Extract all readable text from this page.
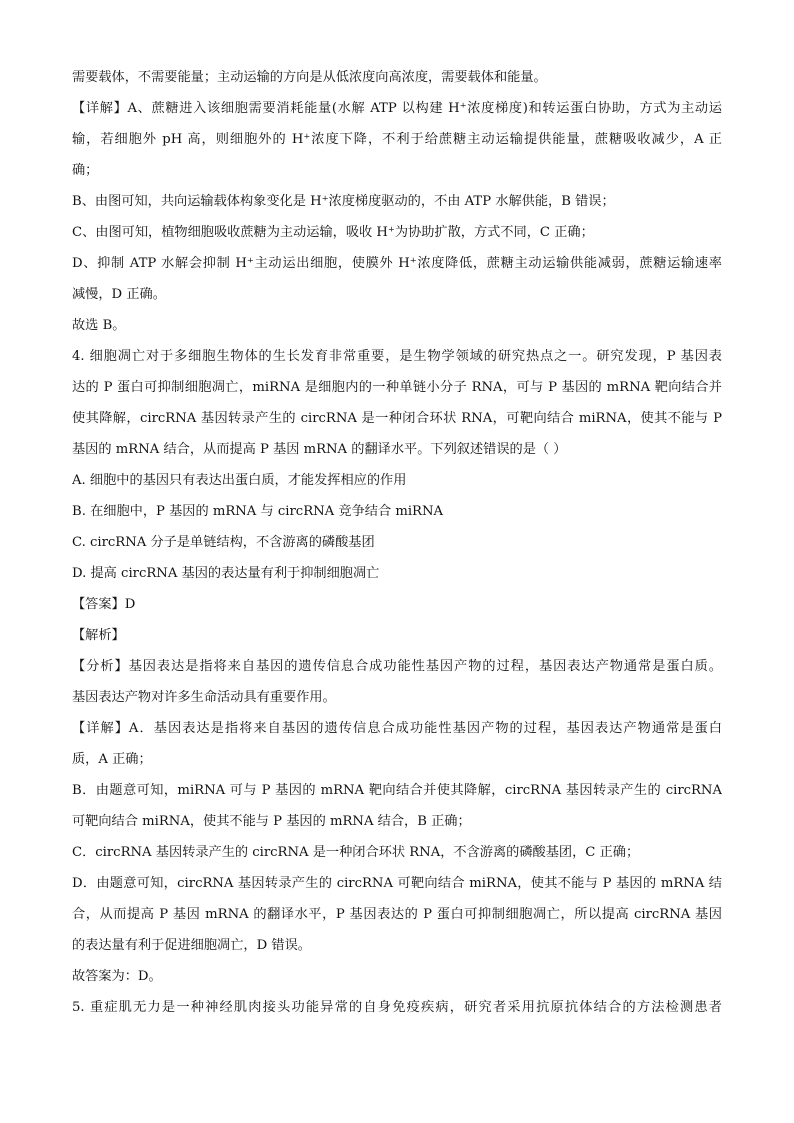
需要载体，不需要能量；主动运输的方向是从低浓度向高浓度，需要载体和能量。
【详解】A、蔗糖进入该细胞需要消耗能量(水解 ATP 以构建 H⁺浓度梯度)和转运蛋白协助，方式为主动运
输，若细胞外 pH 高，则细胞外的 H⁺浓度下降，不利于给蔗糖主动运输提供能量，蔗糖吸收减少，A 正
确；
B、由图可知，共向运输载体构象变化是 H⁺浓度梯度驱动的，不由 ATP 水解供能，B 错误；
C、由图可知，植物细胞吸收蔗糖为主动运输，吸收 H⁺为协助扩散，方式不同，C 正确；
D、抑制 ATP 水解会抑制 H⁺主动运出细胞，使膜外 H⁺浓度降低，蔗糖主动运输供能减弱，蔗糖运输速率
减慢，D 正确。
故选 B。
4. 细胞凋亡对于多细胞生物体的生长发育非常重要，是生物学领域的研究热点之一。研究发现，P 基因表
达的 P 蛋白可抑制细胞凋亡，miRNA 是细胞内的一种单链小分子 RNA，可与 P 基因的 mRNA 靶向结合并
使其降解，circRNA 基因转录产生的 circRNA 是一种闭合环状 RNA，可靶向结合 miRNA，使其不能与 P
基因的 mRNA 结合，从而提高 P 基因 mRNA 的翻译水平。下列叙述错误的是（ ）
A. 细胞中的基因只有表达出蛋白质，才能发挥相应的作用
B. 在细胞中，P 基因的 mRNA 与 circRNA 竞争结合 miRNA
C. circRNA 分子是单链结构，不含游离的磷酸基团
D. 提高 circRNA 基因的表达量有利于抑制细胞凋亡
【答案】D
【解析】
【分析】基因表达是指将来自基因的遗传信息合成功能性基因产物的过程，基因表达产物通常是蛋白质。
基因表达产物对许多生命活动具有重要作用。
【详解】A．基因表达是指将来自基因的遗传信息合成功能性基因产物的过程，基因表达产物通常是蛋白
质，A 正确；
B．由题意可知，miRNA 可与 P 基因的 mRNA 靶向结合并使其降解，circRNA 基因转录产生的 circRNA
可靶向结合 miRNA，使其不能与 P 基因的 mRNA 结合，B 正确；
C．circRNA 基因转录产生的 circRNA 是一种闭合环状 RNA，不含游离的磷酸基团，C 正确；
D．由题意可知，circRNA 基因转录产生的 circRNA 可靶向结合 miRNA，使其不能与 P 基因的 mRNA 结
合，从而提高 P 基因 mRNA 的翻译水平，P 基因表达的 P 蛋白可抑制细胞凋亡，所以提高 circRNA 基因
的表达量有利于促进细胞凋亡，D 错误。
故答案为：D。
5. 重症肌无力是一种神经肌肉接头功能异常的自身免疫疾病，研究者采用抗原抗体结合的方法检测患者
